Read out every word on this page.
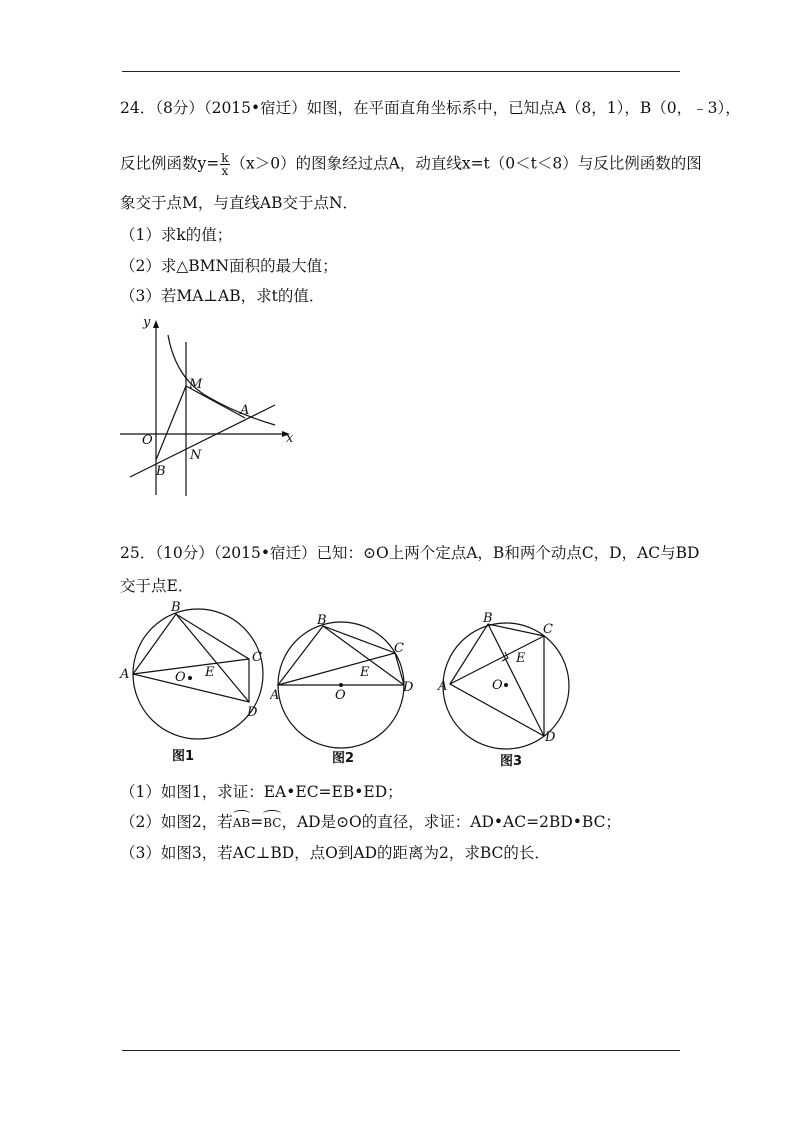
24．（8分）（2015•宿迁）如图，在平面直角坐标系中，已知点A（8，1），B（0，﹣3），
反比例函数$y= \frac{k}{x} (x>0)$的图象经过点A，动直线x=t（0＜t＜8）与反比例函数的图
象交于点M，与直线AB交于点N．
（1）求k的值；
（2）求△BMN面积的最大值；
（3）若MA⊥AB，求t的值．
y
x
O
M
A
B
N
25．（10分）（2015•宿迁）已知：⊙O上两个定点A，B和两个动点C，D，AC与BD
交于点E．
A
B
C
D
E
O
图1
A
B
C
D
E
O
图2
A
B
C
D
E
O
图3
（1）如图1，求证：EA•EC=EB•ED；
（2）如图2，若AB=BC，AD是⊙O的直径，求证：AD•AC=2BD•BC；
（3）如图3，若AC⊥BD，点O到AD的距离为2，求BC的长．
